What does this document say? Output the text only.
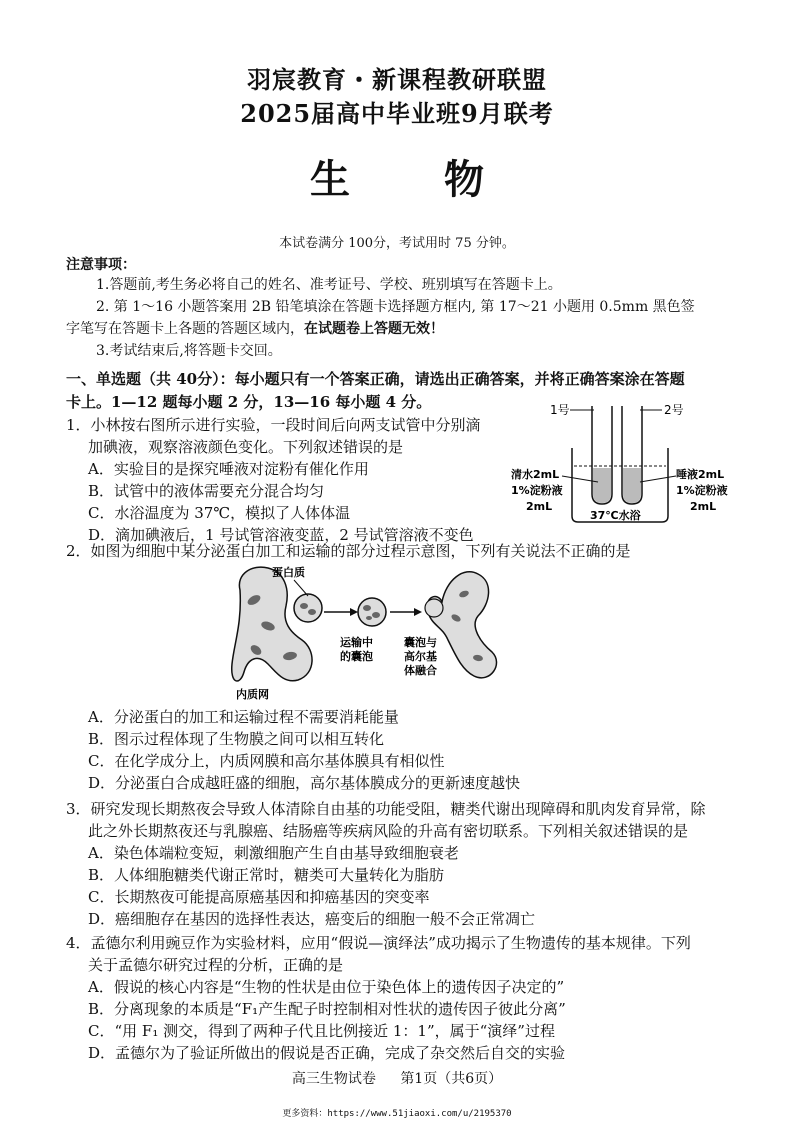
羽宸教育・新课程教研联盟
2025届高中毕业班9月联考
生 物
本试卷满分 100分，考试用时 75 分钟。
注意事项：
1.答题前,考生务必将自己的姓名、准考证号、学校、班别填写在答题卡上。
2. 第 1～16 小题答案用 2B 铅笔填涂在答题卡选择题方框内, 第 17～21 小题用 0.5mm 黑色签
字笔写在答题卡上各题的答题区域内，在试题卷上答题无效！
3.考试结束后,将答题卡交回。
一、单选题（共 40分）：每小题只有一个答案正确，请选出正确答案，并将正确答案涂在答题
卡上。1—12 题每小题 2 分，13—16 每小题 4 分。
1．小林按右图所示进行实验，一段时间后向两支试管中分别滴
加碘液，观察溶液颜色变化。下列叙述错误的是
A．实验目的是探究唾液对淀粉有催化作用
B．试管中的液体需要充分混合均匀
C．水浴温度为 37℃，模拟了人体体温
D．滴加碘液后，1 号试管溶液变蓝，2 号试管溶液不变色
1号	2号
清水2mL
1%淀粉液
2mL
唾液2mL
1%淀粉液
2mL
37℃水浴
2．如图为细胞中某分泌蛋白加工和运输的部分过程示意图，下列有关说法不正确的是
蛋白质
内质网
运输中
的囊泡
囊泡与
高尔基
体融合
A．分泌蛋白的加工和运输过程不需要消耗能量
B．图示过程体现了生物膜之间可以相互转化
C．在化学成分上，内质网膜和高尔基体膜具有相似性
D．分泌蛋白合成越旺盛的细胞，高尔基体膜成分的更新速度越快
3．研究发现长期熬夜会导致人体清除自由基的功能受阻，糖类代谢出现障碍和肌肉发育异常，除
此之外长期熬夜还与乳腺癌、结肠癌等疾病风险的升高有密切联系。下列相关叙述错误的是
A．染色体端粒变短，刺激细胞产生自由基导致细胞衰老
B．人体细胞糖类代谢正常时，糖类可大量转化为脂肪
C．长期熬夜可能提高原癌基因和抑癌基因的突变率
D．癌细胞存在基因的选择性表达，癌变后的细胞一般不会正常凋亡
4．孟德尔利用豌豆作为实验材料，应用“假说—演绎法”成功揭示了生物遗传的基本规律。下列
关于孟德尔研究过程的分析，正确的是
A．假说的核心内容是“生物的性状是由位于染色体上的遗传因子决定的”
B．分离现象的本质是“F₁产生配子时控制相对性状的遗传因子彼此分离”
C．“用 F₁ 测交，得到了两种子代且比例接近 1：1”，属于“演绎”过程
高三生物试卷 第1页（共6页）
更多资料：https://www.51jiaoxi.com/u/2195370
D．孟德尔为了验证所做出的假说是否正确，完成了杂交然后自交的实验
